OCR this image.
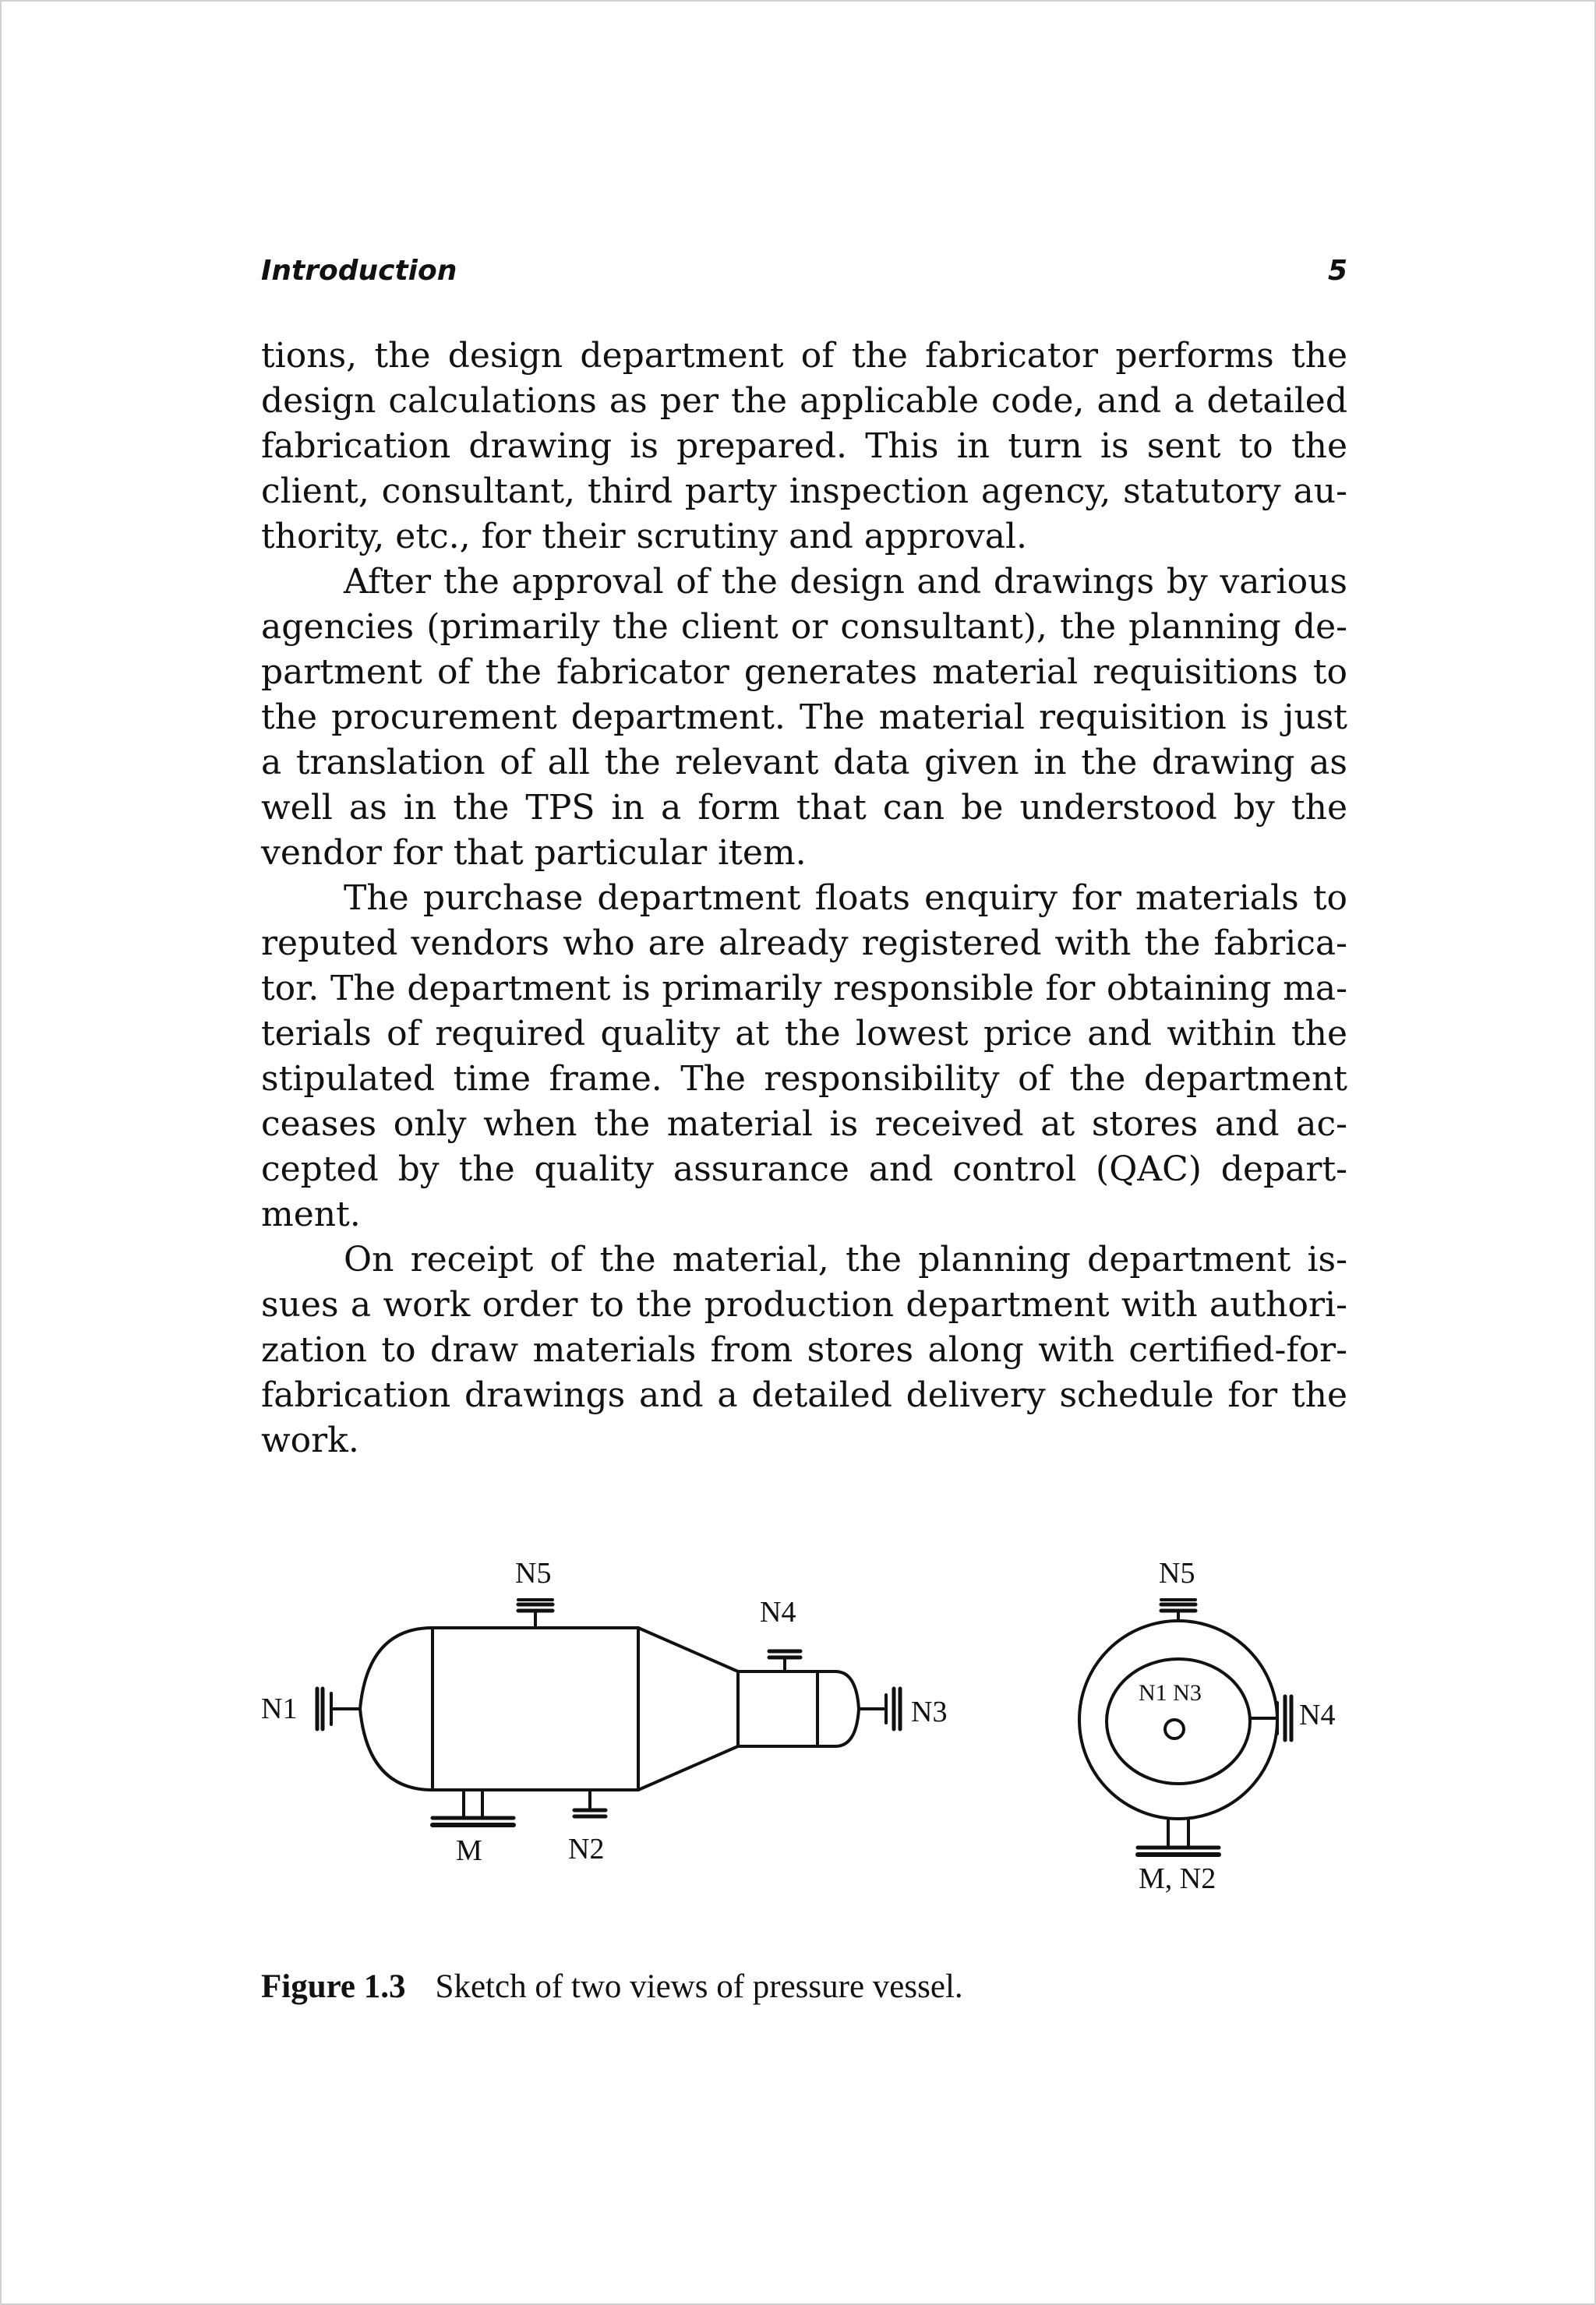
Introduction	5

tions, the design department of the fabricator performs the design calculations as per the applicable code, and a detailed fabrication drawing is prepared. This in turn is sent to the client, consultant, third party inspection agency, statutory authority, etc., for their scrutiny and approval.

After the approval of the design and drawings by various agencies (primarily the client or consultant), the planning department of the fabricator generates material requisitions to the procurement department. The material requisition is just a translation of all the relevant data given in the drawing as well as in the TPS in a form that can be understood by the vendor for that particular item.

The purchase department floats enquiry for materials to reputed vendors who are already registered with the fabricator. The department is primarily responsible for obtaining materials of required quality at the lowest price and within the stipulated time frame. The responsibility of the department ceases only when the material is received at stores and accepted by the quality assurance and control (QAC) department.

On receipt of the material, the planning department issues a work order to the production department with authorization to draw materials from stores along with certified-for-fabrication drawings and a detailed delivery schedule for the work.

N5
N4
N1	N3
M	N2
N5
N1 N3
N4
M, N2
Figure 1.3 Sketch of two views of pressure vessel.
